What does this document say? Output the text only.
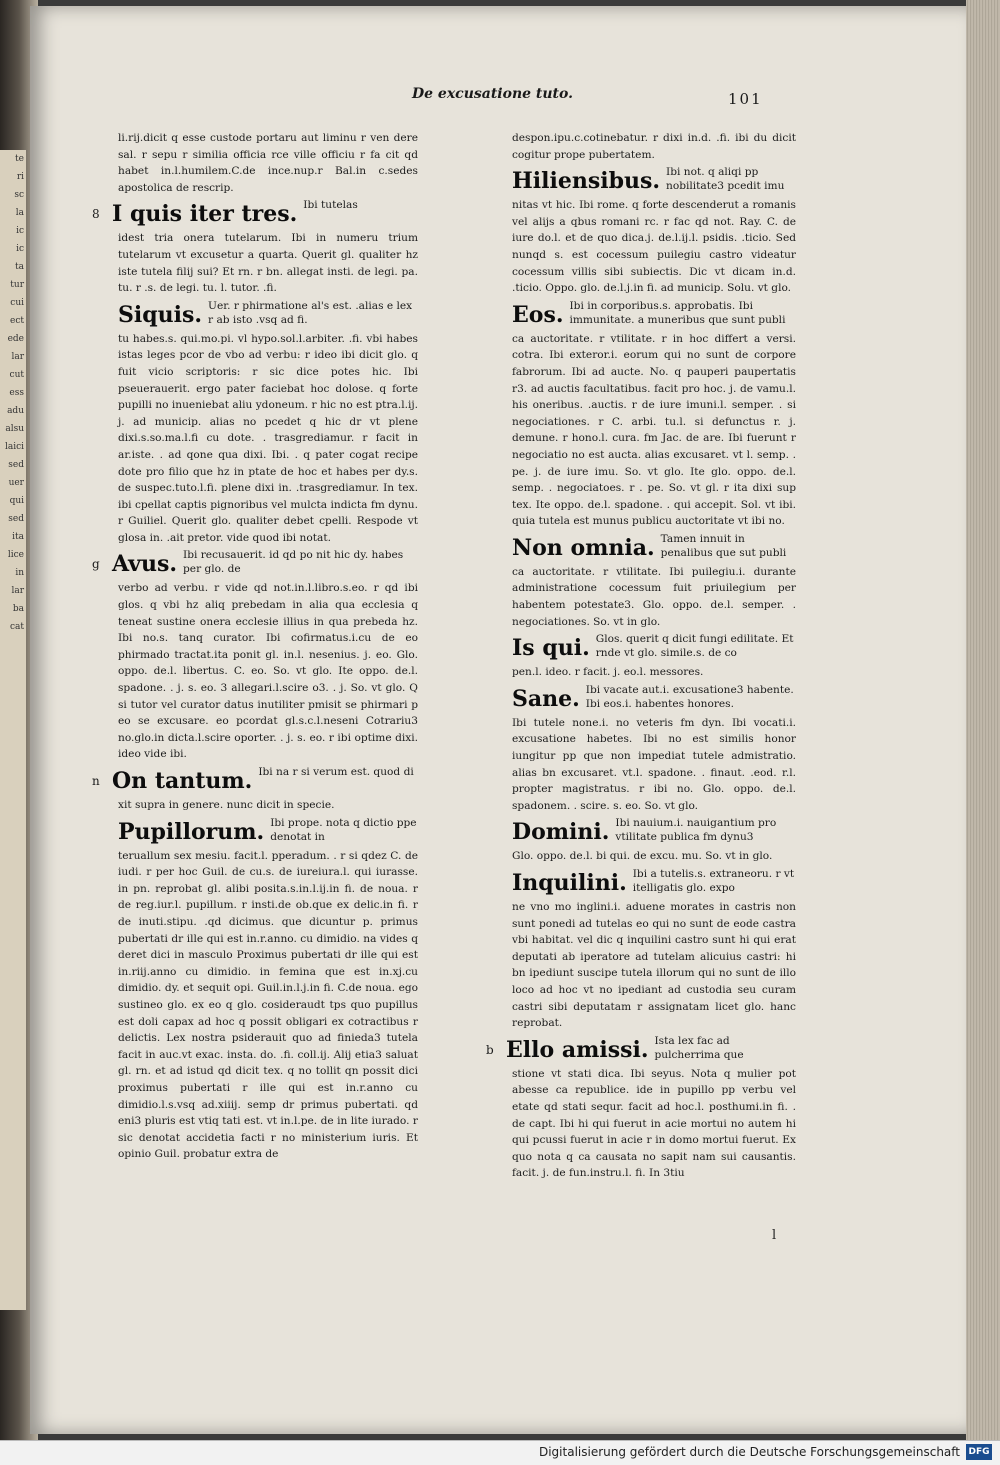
te
ri
sc
la
ic
ic
ta
tur
cui
ect
ede
lar
cut
ess
adu
alsu
laici
sed
uer
qui
sed
ita
lice
in
lar
ba
cat
De excusatione tuto.	101

li.rij.dicit q esse custode portaru aut liminu r ven dere sal. r sepu r similia officia rce ville officiu r fa cit qd habet in.l.humilem.C.de ince.nup.r Bal.in c.sedes apostolica de rescrip.

8 I quis iter tres. Ibi tutelas

idest tria onera tutelarum. Ibi in numeru trium tutelarum vt excusetur a quarta. Querit gl. qualiter hz iste tutela filij sui? Et rn. r bn. allegat insti. de legi. pa. tu. r .s. de legi. tu. l. tutor. .fi.

Siquis. Uer. r phirmatione al's est. .alias e lex r ab isto .vsq ad fi.

tu habes.s. qui.mo.pi. vl hypo.sol.l.arbiter. .fi. vbi habes istas leges pcor de vbo ad verbu: r ideo ibi dicit glo. q fuit vicio scriptoris: r sic dice potes hic. Ibi pseuerauerit. ergo pater faciebat hoc dolose. q forte pupilli no inueniebat aliu ydoneum. r hic no est ptra.l.ij. j. ad municip. alias no pcedet q hic dr vt plene dixi.s.so.ma.l.fi cu dote. . trasgrediamur. r facit in ar.iste. . ad qone qua dixi. Ibi. . q pater cogat recipe dote pro filio que hz in ptate de hoc et habes per dy.s. de suspec.tuto.l.fi. plene dixi in. .trasgrediamur. In tex. ibi cpellat captis pignoribus vel mulcta indicta fm dynu. r Guiliel. Querit glo. qualiter debet cpelli. Respode vt glosa in. .ait pretor. vide quod ibi notat.

g Avus. Ibi recusauerit. id qd po nit hic dy. habes per glo. de

verbo ad verbu. r vide qd not.in.l.libro.s.eo. r qd ibi glos. q vbi hz aliq prebedam in alia qua ecclesia q teneat sustine onera ecclesie illius in qua prebeda hz. Ibi no.s. tanq curator. Ibi cofirmatus.i.cu de eo phirmado tractat.ita ponit gl. in.l. nesenius. j. eo. Glo. oppo. de.l. libertus. C. eo. So. vt glo. Ite oppo. de.l. spadone. . j. s. eo. 3 allegari.l.scire o3. . j. So. vt glo. Q si tutor vel curator datus inutiliter pmisit se phirmari p eo se excusare. eo pcordat gl.s.c.l.neseni Cotrariu3 no.glo.in dicta.l.scire oporter. . j. s. eo. r ibi optime dixi. ideo vide ibi.

n On tantum. Ibi na r si verum est. quod di

xit supra in genere. nunc dicit in specie.

Pupillorum. Ibi prope. nota q dictio ppe denotat in

teruallum sex mesiu. facit.l. pperadum. . r si qdez C. de iudi. r per hoc Guil. de cu.s. de iureiura.l. qui iurasse. in pn. reprobat gl. alibi posita.s.in.l.ij.in fi. de noua. r de reg.iur.l. pupillum. r insti.de ob.que ex delic.in fi. r de inuti.stipu. .qd dicimus. que dicuntur p. primus pubertati dr ille qui est in.r.anno. cu dimidio. na vides q deret dici in masculo Proximus pubertati dr ille qui est in.riij.anno cu dimidio. in femina que est in.xj.cu dimidio. dy. et sequit opi. Guil.in.l.j.in fi. C.de noua. ego sustineo glo. ex eo q glo. cosideraudt tps quo pupillus est doli capax ad hoc q possit obligari ex cotractibus r delictis. Lex nostra psiderauit quo ad finieda3 tutela facit in auc.vt exac. insta. do. .fi. coll.ij. Alij etia3 saluat gl. rn. et ad istud qd dicit tex. q no tollit qn possit dici proximus pubertati r ille qui est in.r.anno cu dimidio.l.s.vsq ad.xiiij. semp dr primus pubertati. qd eni3 pluris est vtiq tati est. vt in.l.pe. de in lite iurado. r sic denotat accidetia facti r no ministerium iuris. Et opinio Guil. probatur extra de

despon.ipu.c.cotinebatur. r dixi in.d. .fi. ibi du dicit cogitur prope pubertatem.

Hiliensibus. Ibi not. q aliqi pp nobilitate3 pcedit imu

nitas vt hic. Ibi rome. q forte descenderut a romanis vel alijs a qbus romani rc. r fac qd not. Ray. C. de iure do.l. et de quo dica.j. de.l.ij.l. psidis. .ticio. Sed nunqd s. est cocessum puilegiu castro videatur cocessum villis sibi subiectis. Dic vt dicam in.d. .ticio. Oppo. glo. de.l.j.in fi. ad municip. Solu. vt glo.

Eos. Ibi in corporibus.s. approbatis. Ibi immunitate. a muneribus que sunt publi

ca auctoritate. r vtilitate. r in hoc differt a versi. cotra. Ibi exteror.i. eorum qui no sunt de corpore fabrorum. Ibi ad aucte. No. q pauperi paupertatis r3. ad auctis facultatibus. facit pro hoc. j. de vamu.l. his oneribus. .auctis. r de iure imuni.l. semper. . si negociationes. r C. arbi. tu.l. si defunctus r. j. demune. r hono.l. cura. fm Jac. de are. Ibi fuerunt r negociatio no est aucta. alias excusaret. vt l. semp. . pe. j. de iure imu. So. vt glo. Ite glo. oppo. de.l. semp. . negociatoes. r . pe. So. vt gl. r ita dixi sup tex. Ite oppo. de.l. spadone. . qui accepit. Sol. vt ibi. quia tutela est munus publicu auctoritate vt ibi no.

Non omnia. Tamen innuit in penalibus que sut publi

ca auctoritate. r vtilitate. Ibi puilegiu.i. durante administratione cocessum fuit priuilegium per habentem potestate3. Glo. oppo. de.l. semper. . negociationes. So. vt in glo.

Is qui. Glos. querit q dicit fungi edilitate. Et rnde vt glo. simile.s. de co

pen.l. ideo. r facit. j. eo.l. messores.

Sane. Ibi vacate aut.i. excusatione3 habente. Ibi eos.i. habentes honores.

Ibi tutele none.i. no veteris fm dyn. Ibi vocati.i. excusatione habetes. Ibi no est similis honor iungitur pp que non impediat tutele admistratio. alias bn excusaret. vt.l. spadone. . finaut. .eod. r.l. propter magistratus. r ibi no. Glo. oppo. de.l. spadonem. . scire. s. eo. So. vt glo.

Domini. Ibi nauium.i. nauigantium pro vtilitate publica fm dynu3

Glo. oppo. de.l. bi qui. de excu. mu. So. vt in glo.

Inquilini. Ibi a tutelis.s. extraneoru. r vt itelligatis glo. expo

ne vno mo inglini.i. aduene morates in castris non sunt ponedi ad tutelas eo qui no sunt de eode castra vbi habitat. vel dic q inquilini castro sunt hi qui erat deputati ab iperatore ad tutelam alicuius castri: hi bn ipediunt suscipe tutela illorum qui no sunt de illo loco ad hoc vt no ipediant ad custodia seu curam castri sibi deputatam r assignatam licet glo. hanc reprobat.

b Ello amissi. Ista lex fac ad pulcherrima que

stione vt stati dica. Ibi seyus. Nota q mulier pot abesse ca republice. ide in pupillo pp verbu vel etate qd stati sequr. facit ad hoc.l. posthumi.in fi. . de capt. Ibi hi qui fuerut in acie mortui no autem hi qui pcussi fuerut in acie r in domo mortui fuerut. Ex quo nota q ca causata no sapit nam sui causantis. facit. j. de fun.instru.l. fi. In 3tiu

l
Digitalisierung gefördert durch die Deutsche Forschungsgemeinschaft DFG
